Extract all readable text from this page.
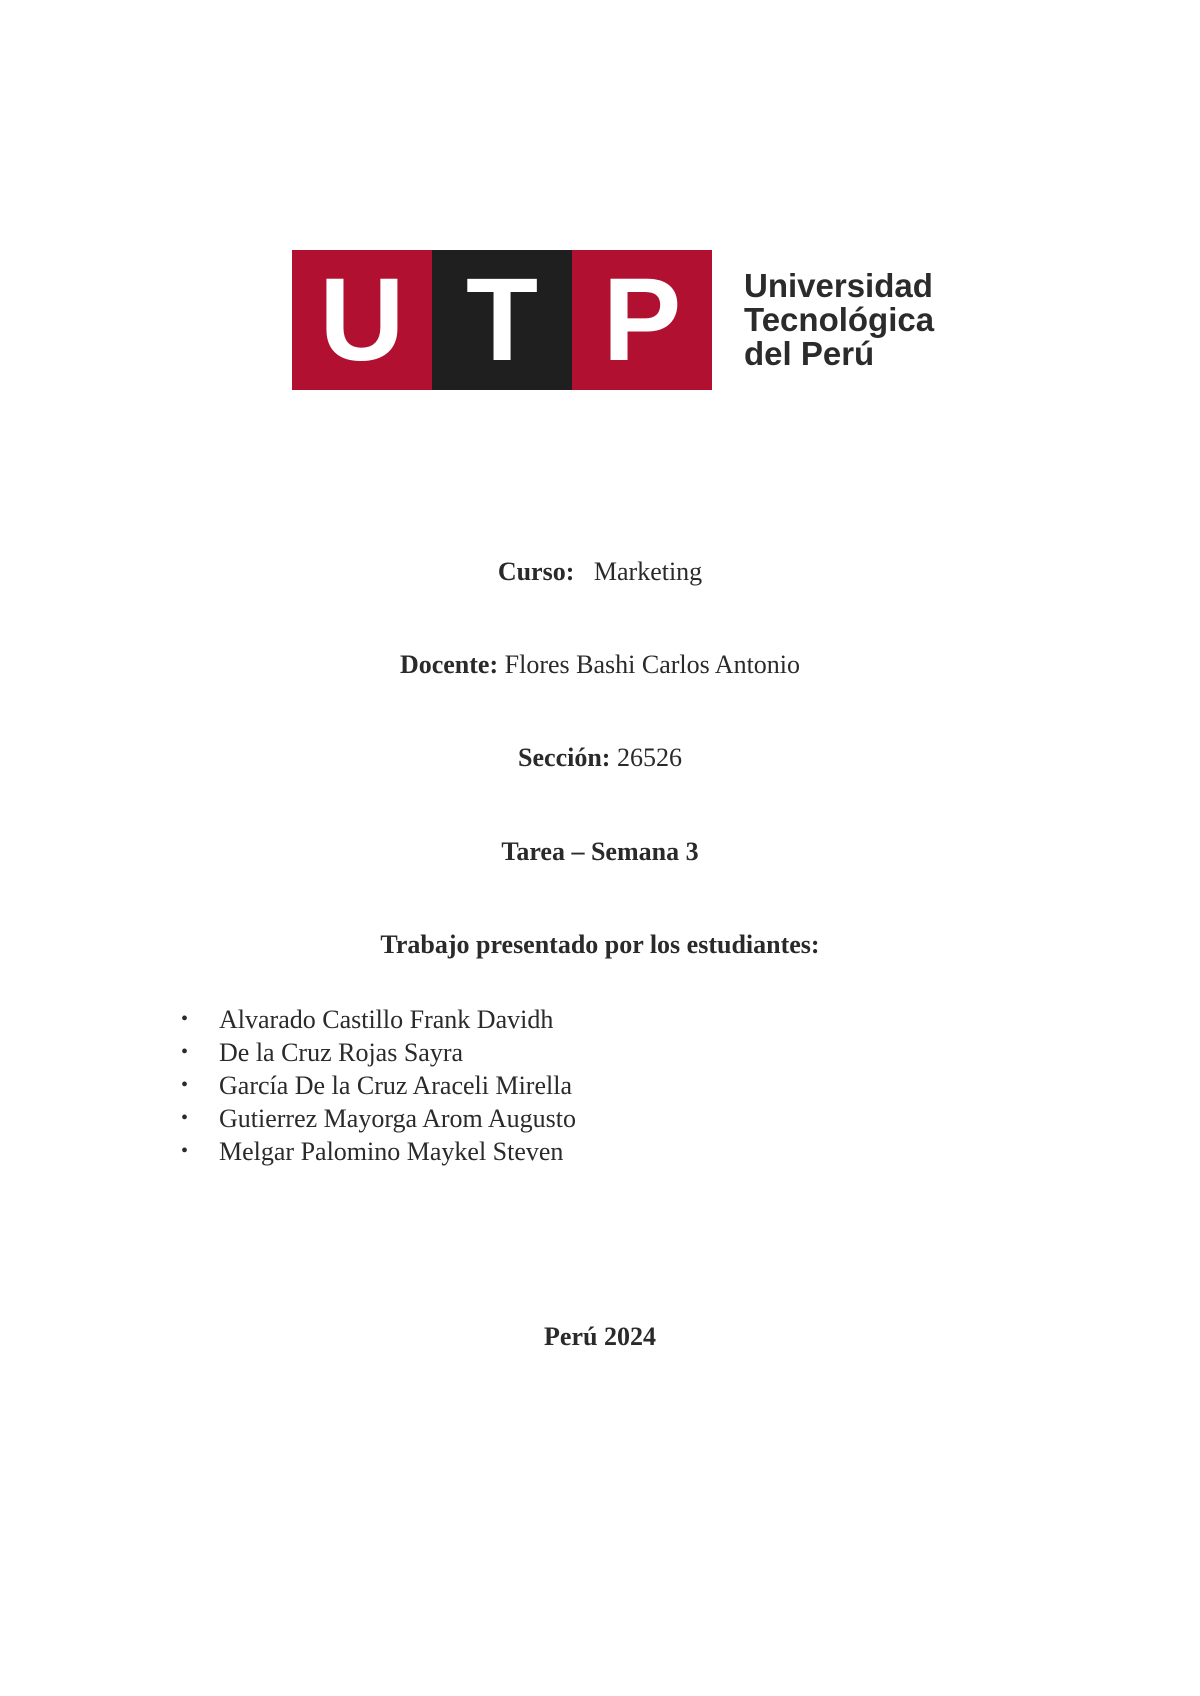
U T P	Universidad
Tecnológica
del Perú
Curso: Marketing
Docente: Flores Bashi Carlos Antonio
Sección: 26526
Tarea – Semana 3
Trabajo presentado por los estudiantes:
•	Alvarado Castillo Frank Davidh
•	De la Cruz Rojas Sayra
•	García De la Cruz Araceli Mirella
•	Gutierrez Mayorga Arom Augusto
•	Melgar Palomino Maykel Steven
Perú 2024
